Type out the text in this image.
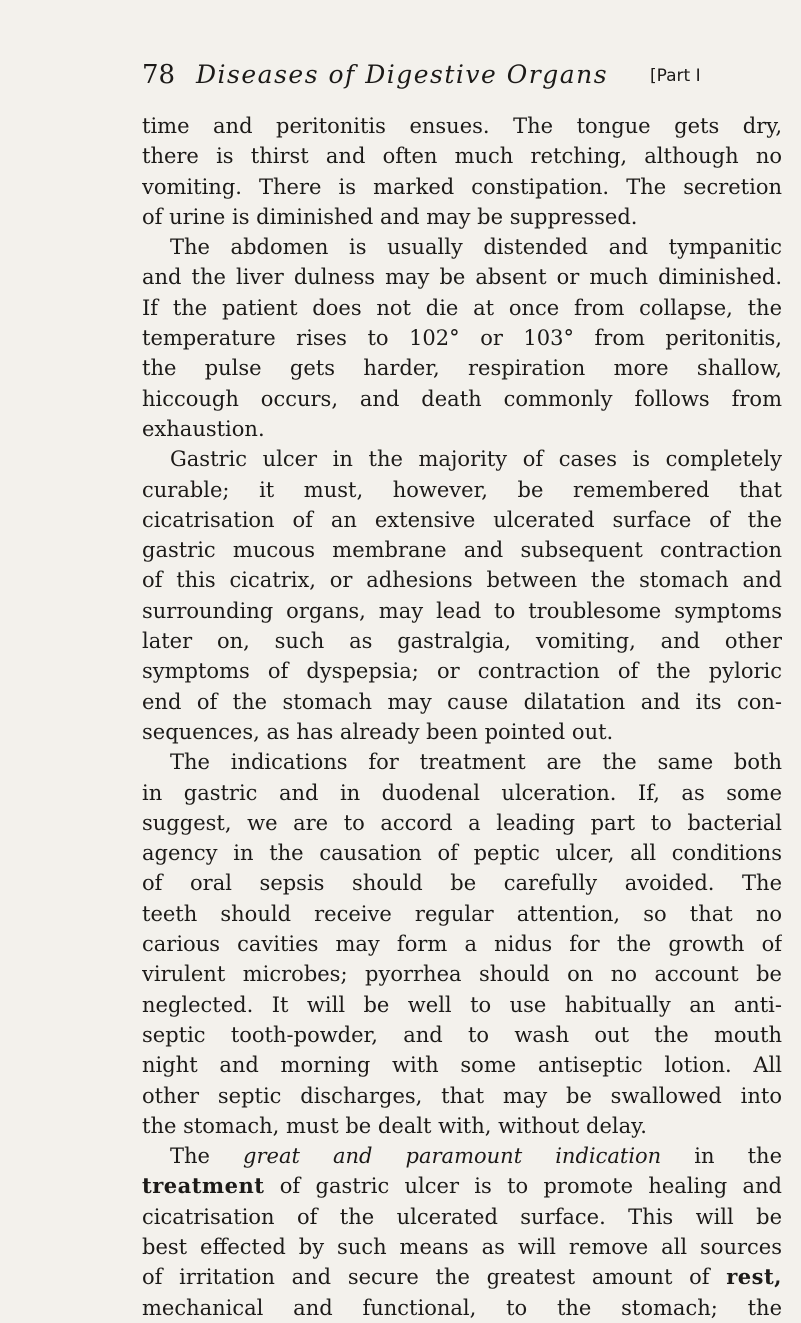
78 Diseases of Digestive Organs [Part I
time and peritonitis ensues. The tongue gets dry,
there is thirst and often much retching, although no
vomiting. There is marked constipation. The secretion
of urine is diminished and may be suppressed.
The abdomen is usually distended and tympanitic
and the liver dulness may be absent or much diminished.
If the patient does not die at once from collapse, the
temperature rises to 102° or 103° from peritonitis,
the pulse gets harder, respiration more shallow,
hiccough occurs, and death commonly follows from
exhaustion.
Gastric ulcer in the majority of cases is completely
curable; it must, however, be remembered that
cicatrisation of an extensive ulcerated surface of the
gastric mucous membrane and subsequent contraction
of this cicatrix, or adhesions between the stomach and
surrounding organs, may lead to troublesome symptoms
later on, such as gastralgia, vomiting, and other
symptoms of dyspepsia; or contraction of the pyloric
end of the stomach may cause dilatation and its con-
sequences, as has already been pointed out.
The indications for treatment are the same both
in gastric and in duodenal ulceration. If, as some
suggest, we are to accord a leading part to bacterial
agency in the causation of peptic ulcer, all conditions
of oral sepsis should be carefully avoided. The
teeth should receive regular attention, so that no
carious cavities may form a nidus for the growth of
virulent microbes; pyorrhea should on no account be
neglected. It will be well to use habitually an anti-
septic tooth-powder, and to wash out the mouth
night and morning with some antiseptic lotion. All
other septic discharges, that may be swallowed into
the stomach, must be dealt with, without delay.
The great and paramount indication in the
treatment of gastric ulcer is to promote healing and
cicatrisation of the ulcerated surface. This will be
best effected by such means as will remove all sources
of irritation and secure the greatest amount of rest,
mechanical and functional, to the stomach; the
